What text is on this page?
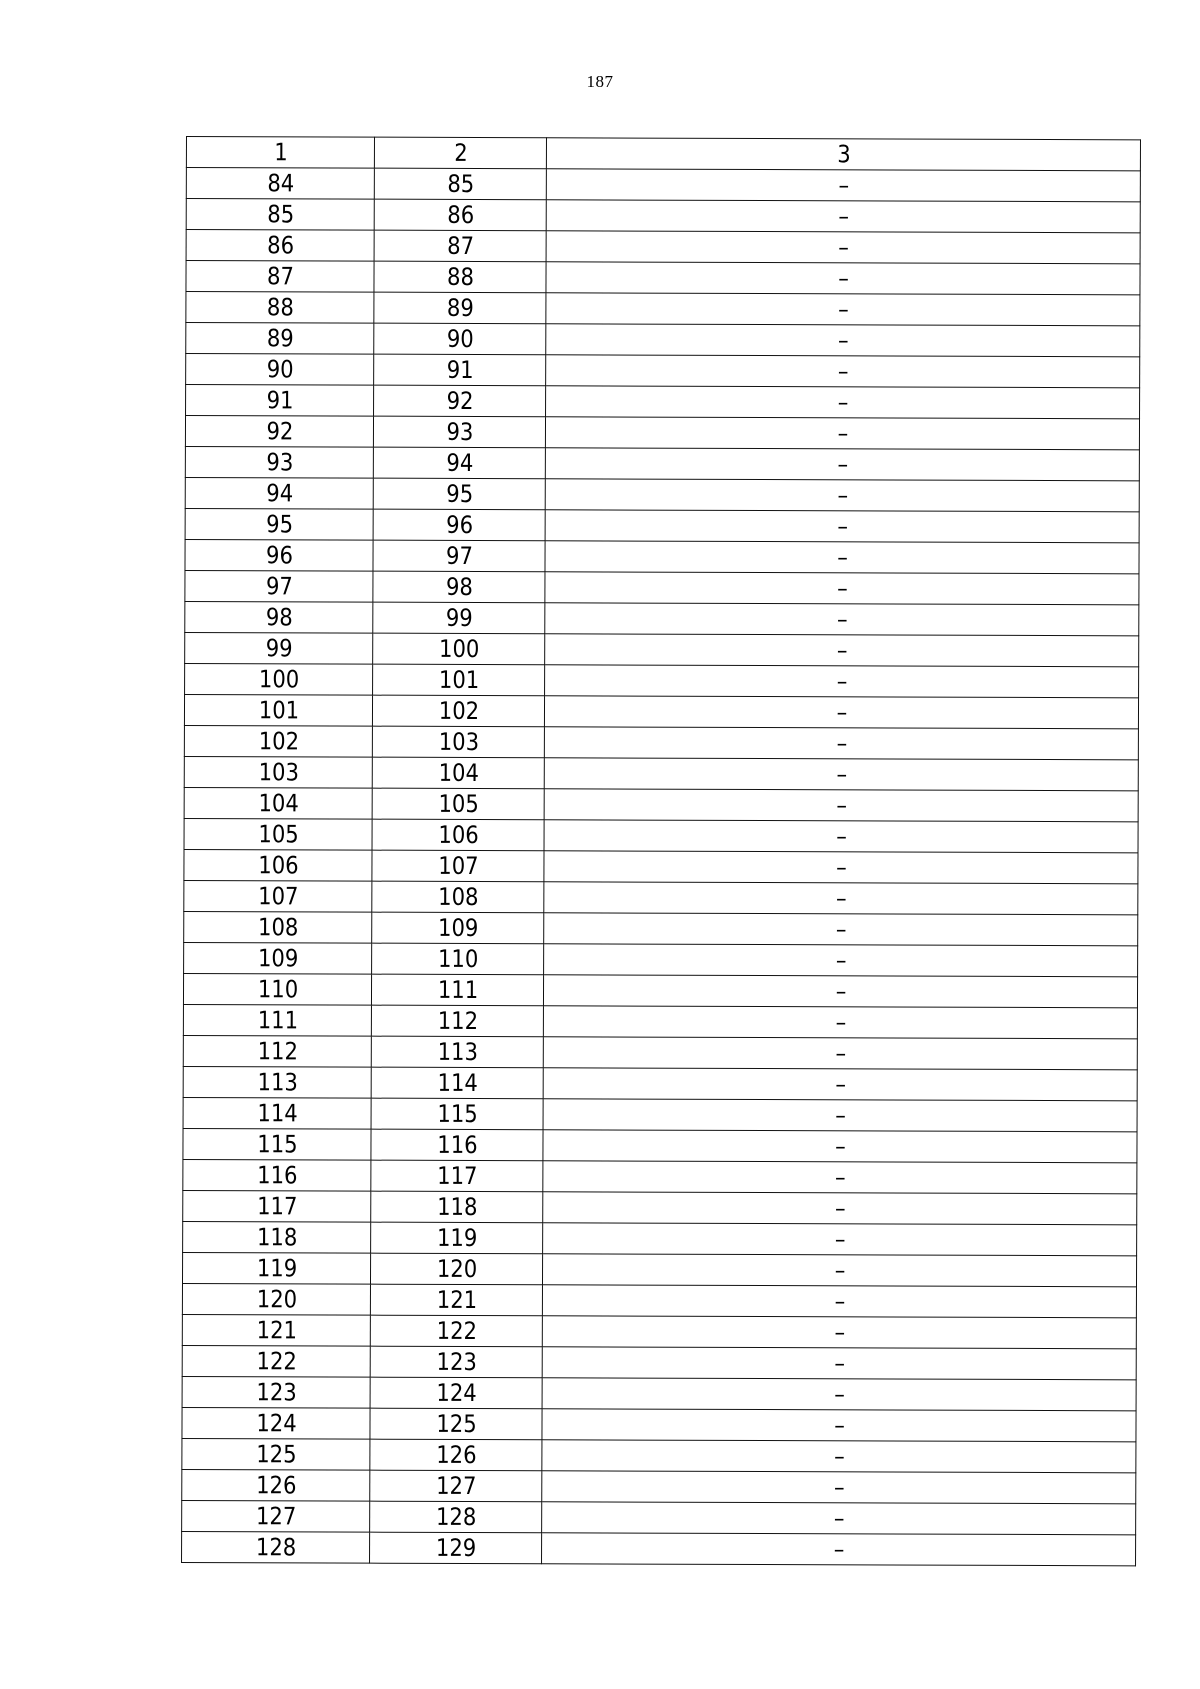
187
1	2	3
84	85	–
85	86	–
86	87	–
87	88	–
88	89	–
89	90	–
90	91	–
91	92	–
92	93	–
93	94	–
94	95	–
95	96	–
96	97	–
97	98	–
98	99	–
99	100	–
100	101	–
101	102	–
102	103	–
103	104	–
104	105	–
105	106	–
106	107	–
107	108	–
108	109	–
109	110	–
110	111	–
111	112	–
112	113	–
113	114	–
114	115	–
115	116	–
116	117	–
117	118	–
118	119	–
119	120	–
120	121	–
121	122	–
122	123	–
123	124	–
124	125	–
125	126	–
126	127	–
127	128	–
128	129	–
